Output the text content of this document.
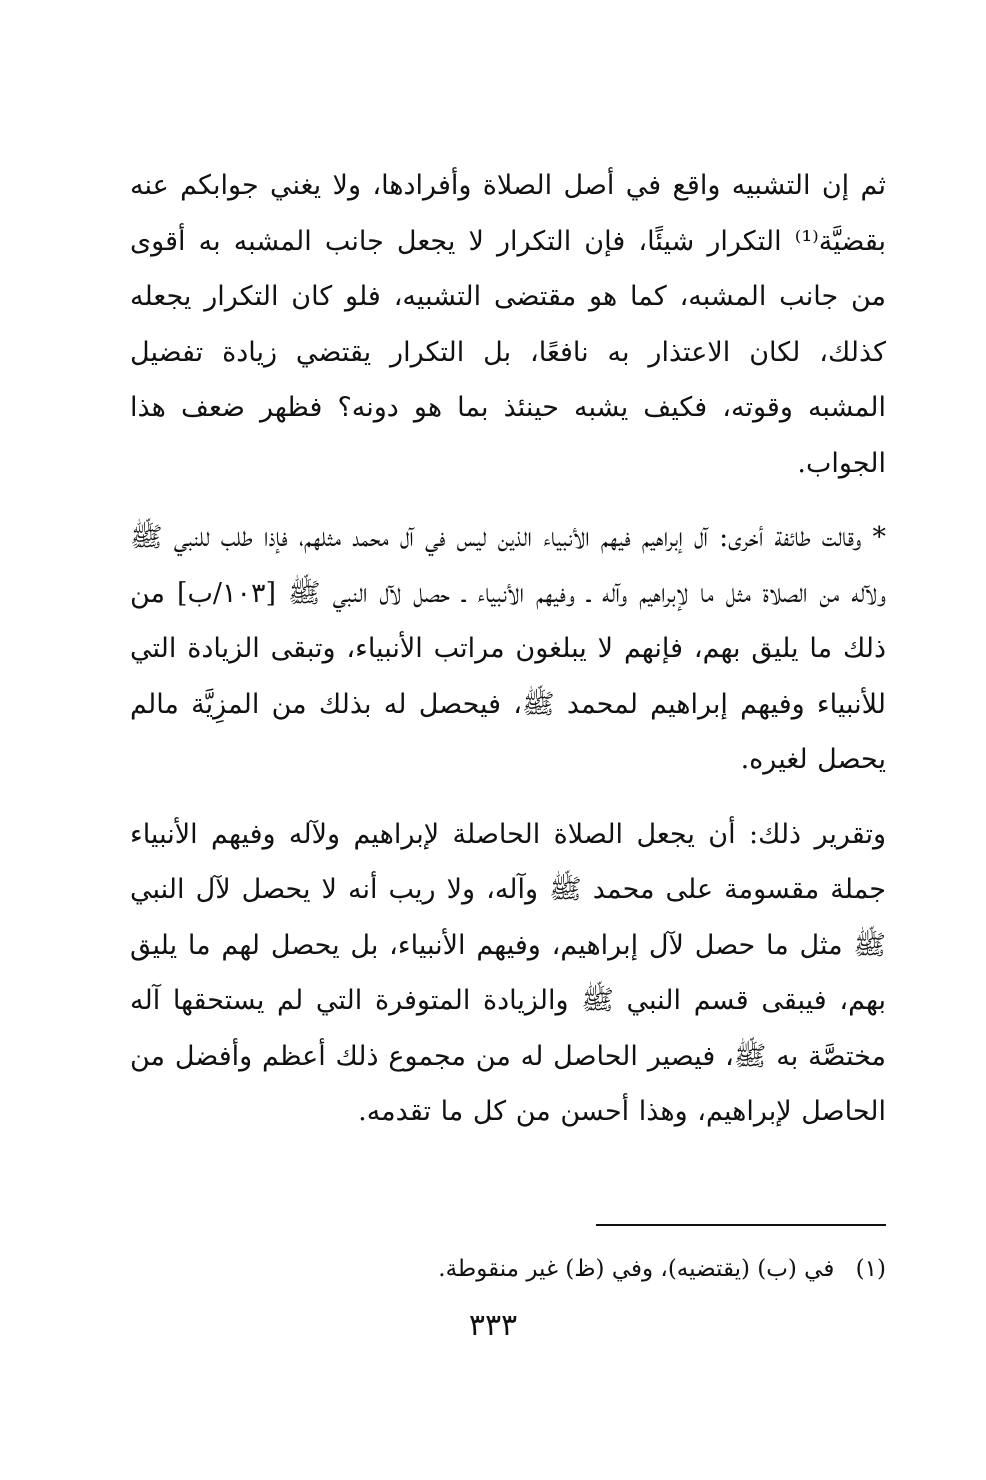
ثم إن التشبيه واقع في أصل الصلاة وأفرادها، ولا يغني جوابكم عنه بقضيَّة⁽¹⁾ التكرار شيئًا، فإن التكرار لا يجعل جانب المشبه به أقوى من جانب المشبه، كما هو مقتضى التشبيه، فلو كان التكرار يجعله كذلك، لكان الاعتذار به نافعًا، بل التكرار يقتضي زيادة تفضيل المشبه وقوته، فكيف يشبه حينئذ بما هو دونه؟ فظهر ضعف هذا الجواب.

* وقالت طائفة أخرى: آل إبراهيم فيهم الأنبياء الذين ليس في آل محمد مثلهم، فإذا طلب للنبي ﷺ ولآله من الصلاة مثل ما لإبراهيم وآله ـ وفيهم الأنبياء ـ حصل لآل النبي ﷺ [١٠٣/ب] من ذلك ما يليق بهم، فإنهم لا يبلغون مراتب الأنبياء، وتبقى الزيادة التي للأنبياء وفيهم إبراهيم لمحمد ﷺ، فيحصل له بذلك من المزِيَّة مالم يحصل لغيره.

وتقرير ذلك: أن يجعل الصلاة الحاصلة لإبراهيم ولآله وفيهم الأنبياء جملة مقسومة على محمد ﷺ وآله، ولا ريب أنه لا يحصل لآل النبي ﷺ مثل ما حصل لآل إبراهيم، وفيهم الأنبياء، بل يحصل لهم ما يليق بهم، فيبقى قسم النبي ﷺ والزيادة المتوفرة التي لم يستحقها آله مختصَّة به ﷺ، فيصير الحاصل له من مجموع ذلك أعظم وأفضل من الحاصل لإبراهيم، وهذا أحسن من كل ما تقدمه.

(١) في (ب) (يقتضيه)، وفي (ظ) غير منقوطة.
٣٣٣
